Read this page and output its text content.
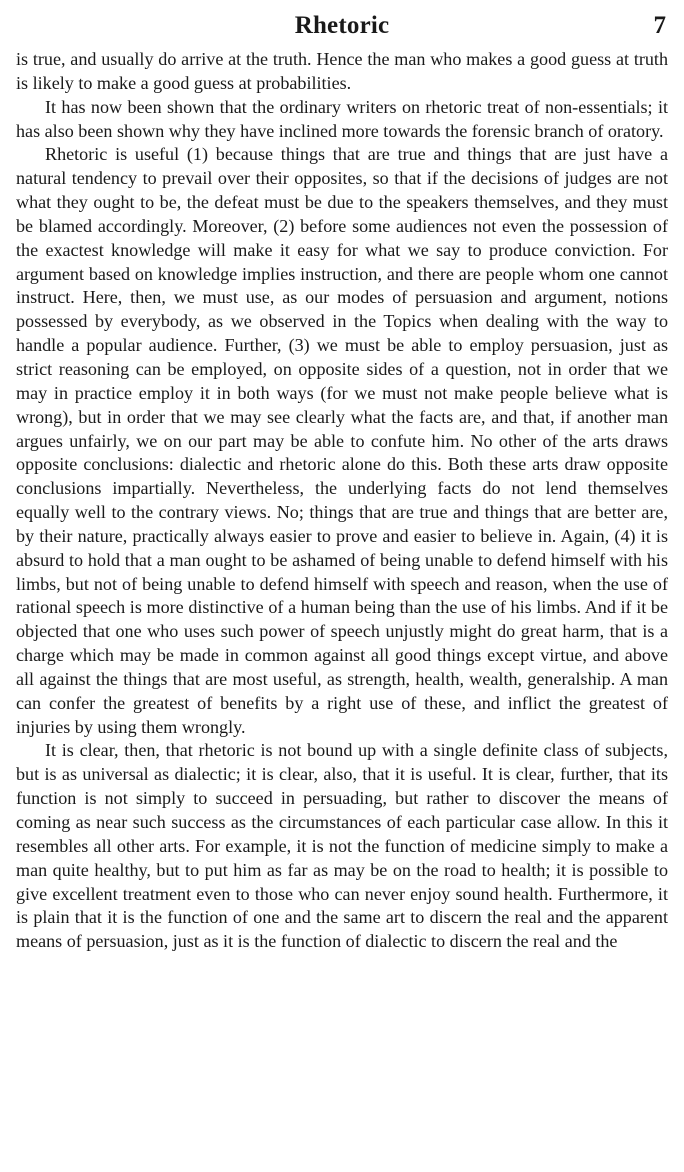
Rhetoric	7

is true, and usually do arrive at the truth. Hence the man who makes a good guess at truth is likely to make a good guess at probabilities.

It has now been shown that the ordinary writers on rhetoric treat of non-essentials; it has also been shown why they have inclined more towards the forensic branch of oratory.

Rhetoric is useful (1) because things that are true and things that are just have a natural tendency to prevail over their opposites, so that if the decisions of judges are not what they ought to be, the defeat must be due to the speakers themselves, and they must be blamed accordingly. Moreover, (2) before some audiences not even the possession of the exactest knowledge will make it easy for what we say to produce conviction. For argument based on knowledge implies instruction, and there are people whom one cannot instruct. Here, then, we must use, as our modes of persuasion and argument, notions possessed by everybody, as we observed in the Topics when dealing with the way to handle a popular audience. Further, (3) we must be able to employ persuasion, just as strict reasoning can be employed, on opposite sides of a question, not in order that we may in practice employ it in both ways (for we must not make people believe what is wrong), but in order that we may see clearly what the facts are, and that, if another man argues unfairly, we on our part may be able to confute him. No other of the arts draws opposite conclusions: dialectic and rhetoric alone do this. Both these arts draw opposite conclusions impartially. Nevertheless, the underlying facts do not lend themselves equally well to the contrary views. No; things that are true and things that are better are, by their nature, practically always easier to prove and easier to believe in. Again, (4) it is absurd to hold that a man ought to be ashamed of being unable to defend himself with his limbs, but not of being unable to defend himself with speech and reason, when the use of rational speech is more distinctive of a human being than the use of his limbs. And if it be objected that one who uses such power of speech unjustly might do great harm, that is a charge which may be made in common against all good things except virtue, and above all against the things that are most useful, as strength, health, wealth, generalship. A man can confer the greatest of benefits by a right use of these, and inflict the greatest of injuries by using them wrongly.

It is clear, then, that rhetoric is not bound up with a single definite class of subjects, but is as universal as dialectic; it is clear, also, that it is useful. It is clear, further, that its function is not simply to succeed in persuading, but rather to discover the means of coming as near such success as the circumstances of each particular case allow. In this it resembles all other arts. For example, it is not the function of medicine simply to make a man quite healthy, but to put him as far as may be on the road to health; it is possible to give excellent treatment even to those who can never enjoy sound health. Furthermore, it is plain that it is the function of one and the same art to discern the real and the apparent means of persuasion, just as it is the function of dialectic to discern the real and the
